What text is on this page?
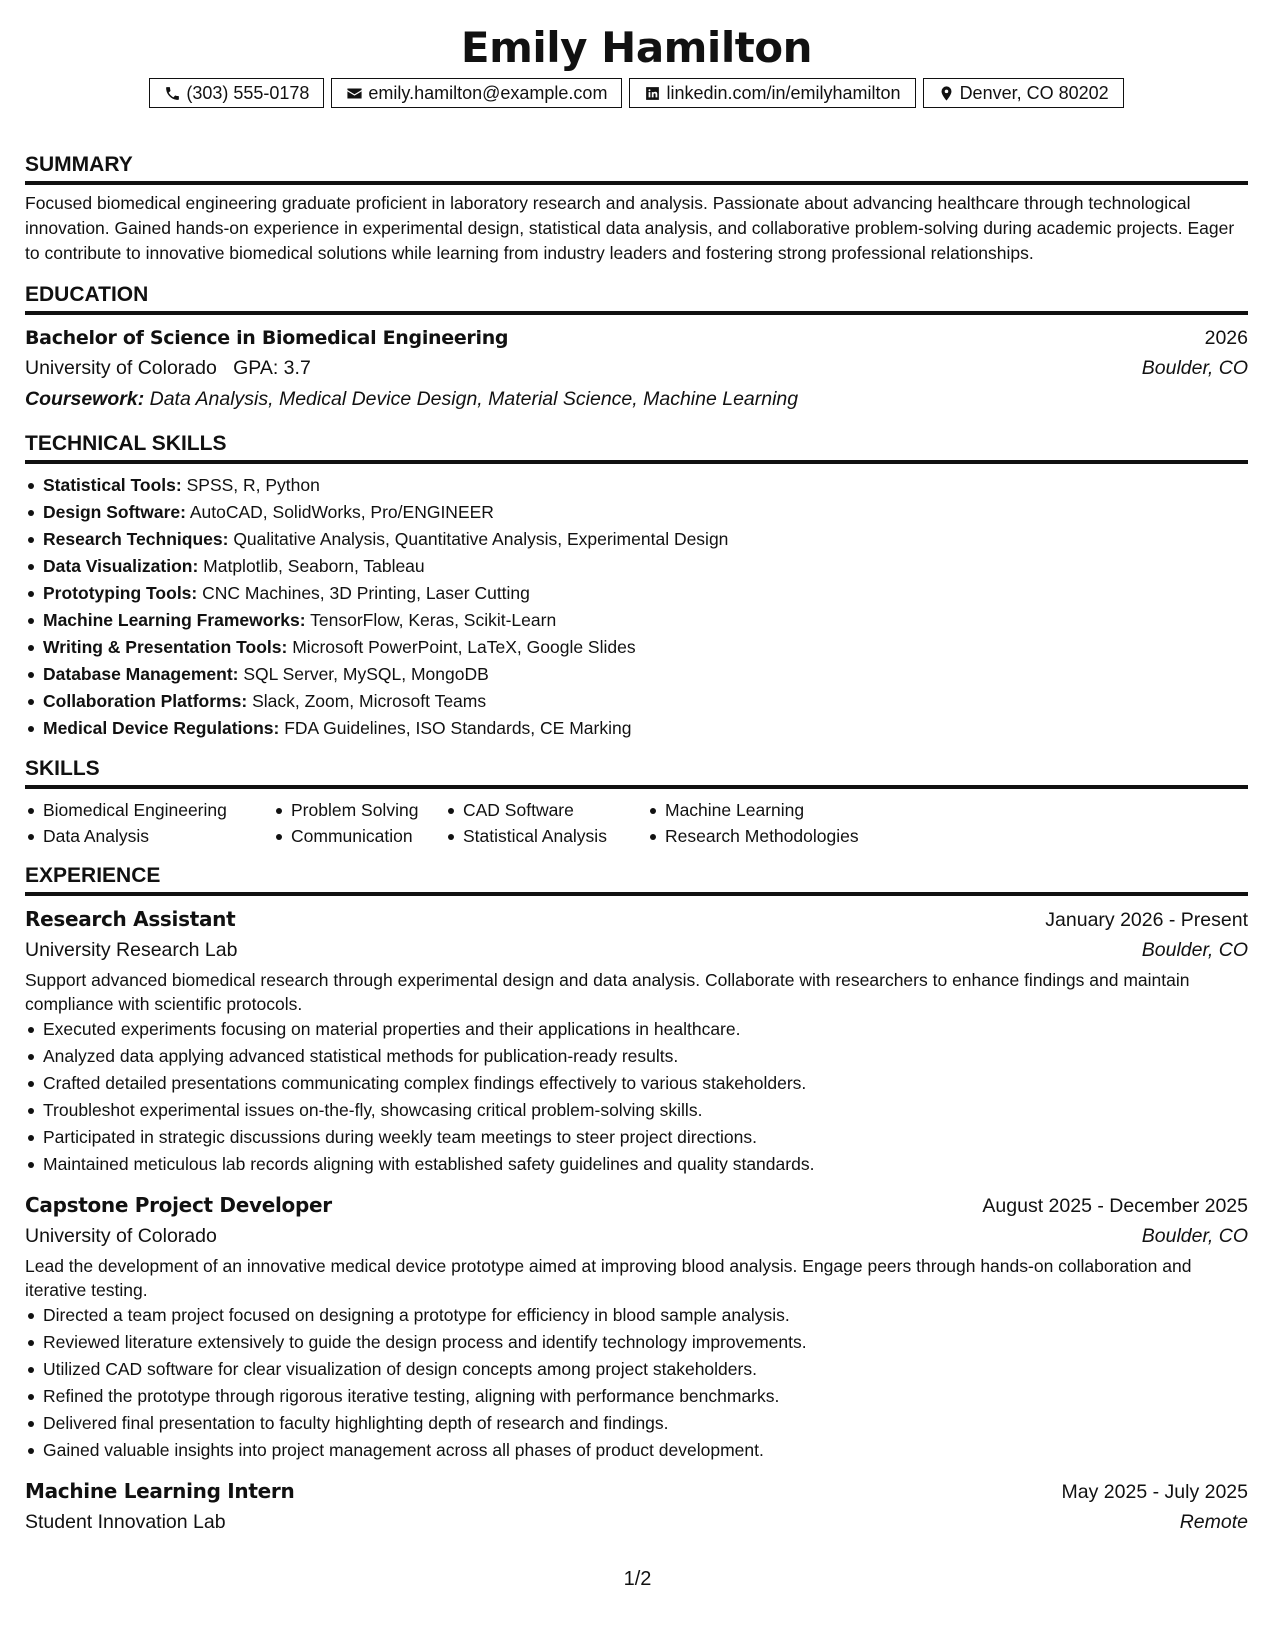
Emily Hamilton
(303) 555-0178	emily.hamilton@example.com	linkedin.com/in/emilyhamilton	Denver, CO 80202
SUMMARY
Focused biomedical engineering graduate proficient in laboratory research and analysis. Passionate about advancing healthcare through technological innovation. Gained hands-on experience in experimental design, statistical data analysis, and collaborative problem-solving during academic projects. Eager to contribute to innovative biomedical solutions while learning from industry leaders and fostering strong professional relationships.
EDUCATION
Bachelor of Science in Biomedical Engineering	2026
University of Colorado GPA: 3.7	Boulder, CO
Coursework: Data Analysis, Medical Device Design, Material Science, Machine Learning
TECHNICAL SKILLS
Statistical Tools: SPSS, R, Python
Design Software: AutoCAD, SolidWorks, Pro/ENGINEER
Research Techniques: Qualitative Analysis, Quantitative Analysis, Experimental Design
Data Visualization: Matplotlib, Seaborn, Tableau
Prototyping Tools: CNC Machines, 3D Printing, Laser Cutting
Machine Learning Frameworks: TensorFlow, Keras, Scikit-Learn
Writing & Presentation Tools: Microsoft PowerPoint, LaTeX, Google Slides
Database Management: SQL Server, MySQL, MongoDB
Collaboration Platforms: Slack, Zoom, Microsoft Teams
Medical Device Regulations: FDA Guidelines, ISO Standards, CE Marking
SKILLS
Biomedical Engineering	Problem Solving	CAD Software	Machine Learning
Data Analysis	Communication	Statistical Analysis	Research Methodologies
EXPERIENCE
Research Assistant	January 2026 - Present
University Research Lab	Boulder, CO
Support advanced biomedical research through experimental design and data analysis. Collaborate with researchers to enhance findings and maintain compliance with scientific protocols.
Executed experiments focusing on material properties and their applications in healthcare.
Analyzed data applying advanced statistical methods for publication-ready results.
Crafted detailed presentations communicating complex findings effectively to various stakeholders.
Troubleshot experimental issues on-the-fly, showcasing critical problem-solving skills.
Participated in strategic discussions during weekly team meetings to steer project directions.
Maintained meticulous lab records aligning with established safety guidelines and quality standards.
Capstone Project Developer	August 2025 - December 2025
University of Colorado	Boulder, CO
Lead the development of an innovative medical device prototype aimed at improving blood analysis. Engage peers through hands-on collaboration and iterative testing.
Directed a team project focused on designing a prototype for efficiency in blood sample analysis.
Reviewed literature extensively to guide the design process and identify technology improvements.
Utilized CAD software for clear visualization of design concepts among project stakeholders.
Refined the prototype through rigorous iterative testing, aligning with performance benchmarks.
Delivered final presentation to faculty highlighting depth of research and findings.
Gained valuable insights into project management across all phases of product development.
Machine Learning Intern	May 2025 - July 2025
Student Innovation Lab	Remote
1/2
